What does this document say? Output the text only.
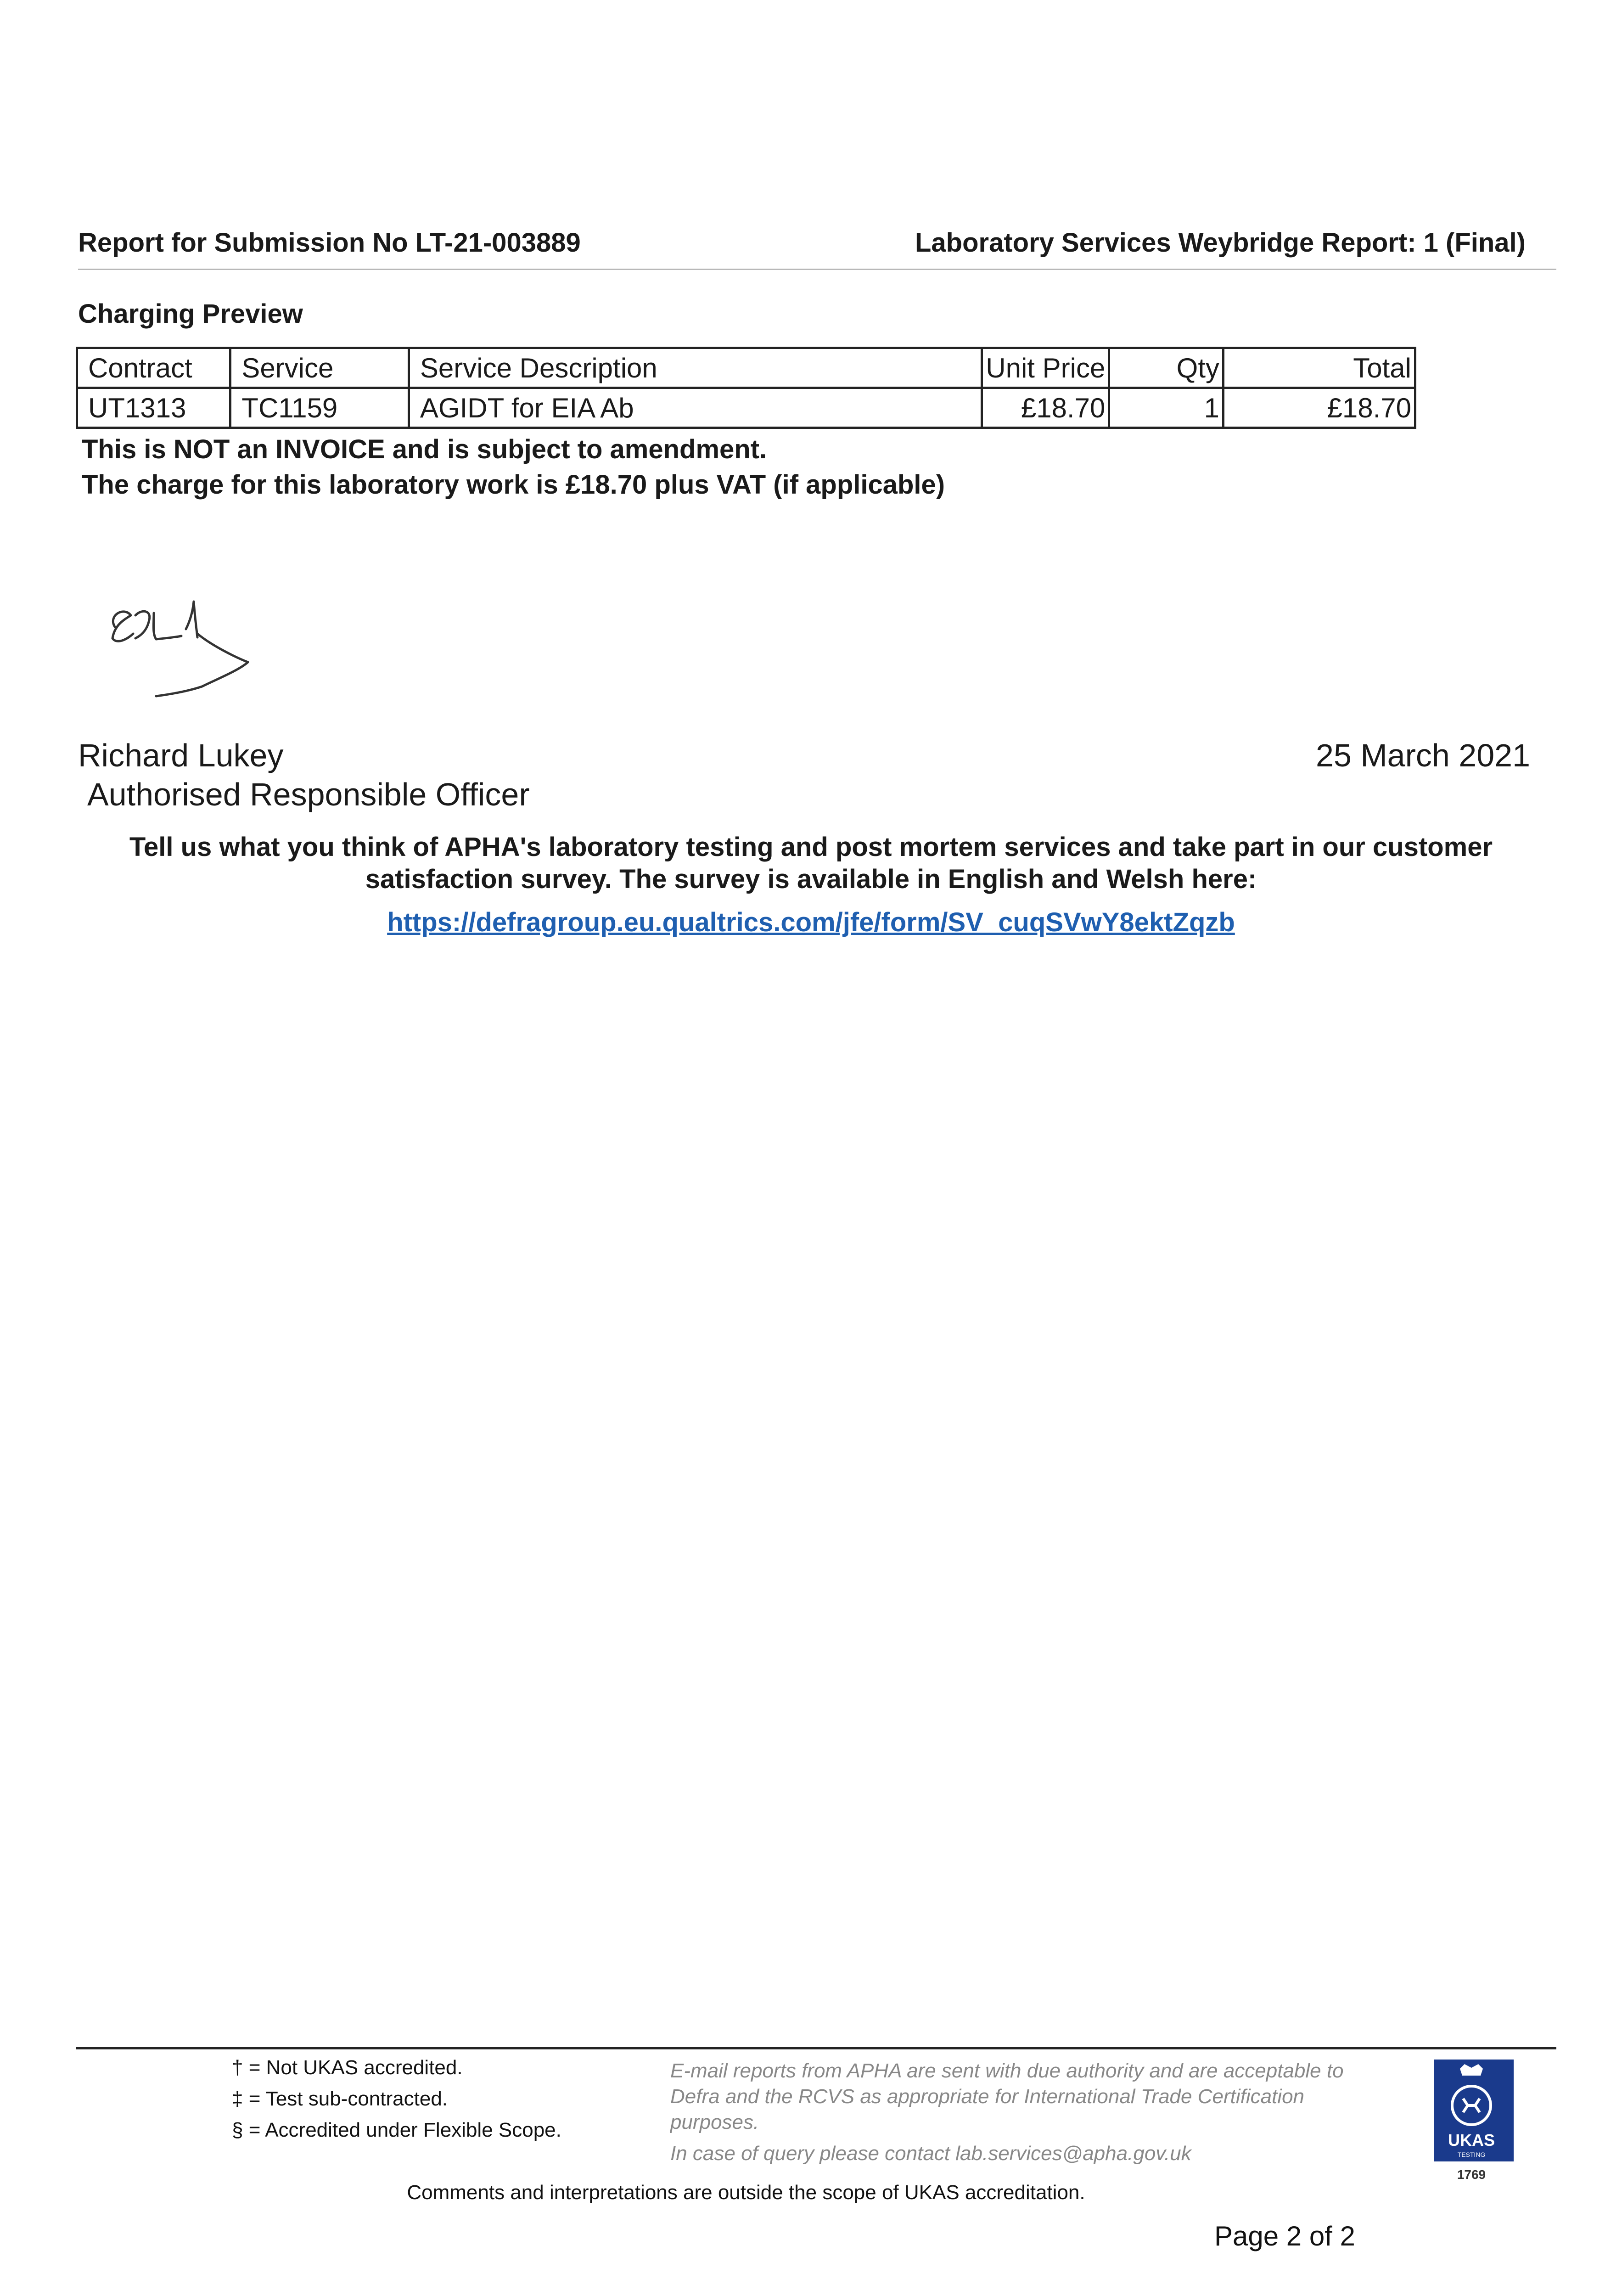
Report for Submission No LT-21-003889	Laboratory Services Weybridge Report: 1 (Final)
Charging Preview
Contract	Service	Service Description	Unit Price	Qty	Total
UT1313	TC1159	AGIDT for EIA Ab	£18.70	1	£18.70
This is NOT an INVOICE and is subject to amendment.
The charge for this laboratory work is £18.70 plus VAT (if applicable)
Richard Lukey
Authorised Responsible Officer
25 March 2021
Tell us what you think of APHA's laboratory testing and post mortem services and take part in our customer satisfaction survey. The survey is available in English and Welsh here:
https://defragroup.eu.qualtrics.com/jfe/form/SV_cuqSVwY8ektZqzb
† = Not UKAS accredited.
‡ = Test sub-contracted.
§ = Accredited under Flexible Scope.
E-mail reports from APHA are sent with due authority and are acceptable to Defra and the RCVS as appropriate for International Trade Certification purposes.
In case of query please contact lab.services@apha.gov.uk
UKAS
TESTING
1769
Comments and interpretations are outside the scope of UKAS accreditation.
Page 2 of 2
